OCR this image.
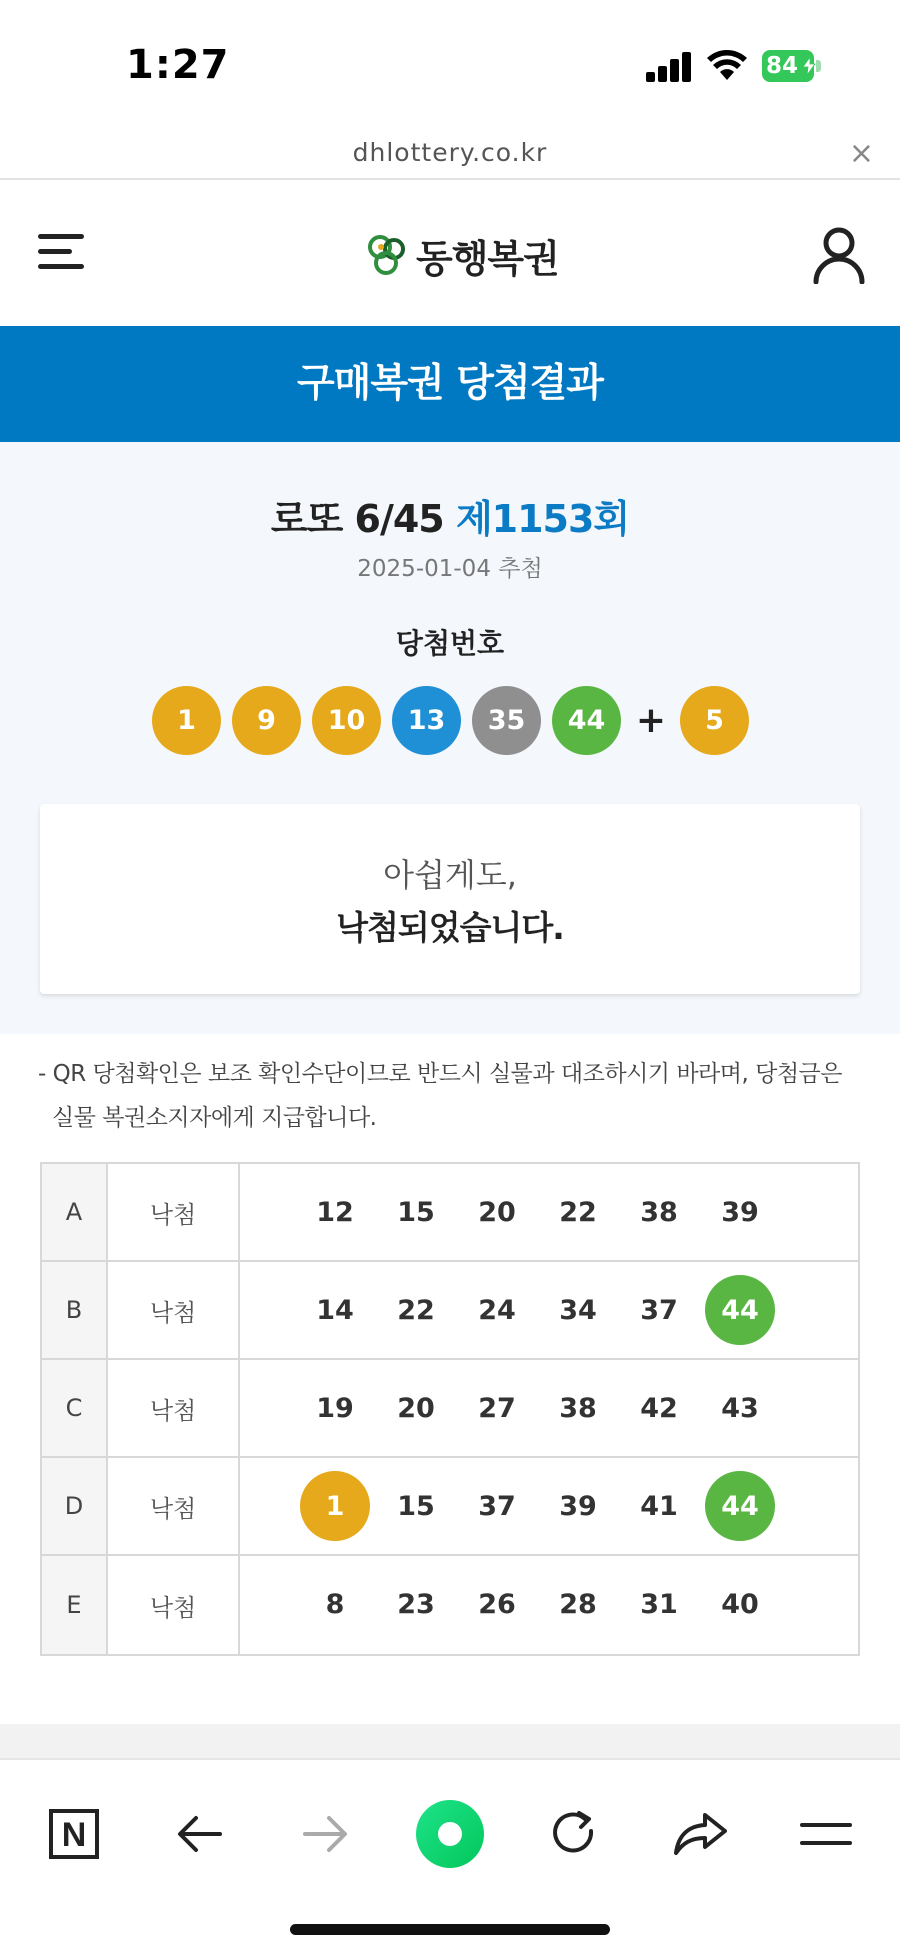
1:27	84
dhlottery.co.kr	×
동행복권
구매복권 당첨결과
로또 6/45 제1153회
2025-01-04 추첨
당첨번호
1	9	10	13	35	44 +	5
아쉽게도,
낙첨되었습니다.
- QR 당첨확인은 보조 확인수단이므로 반드시 실물과 대조하시기 바라며, 당첨금은 실물 복권소지자에게 지급합니다.
A	낙첨	12	15	20	22	38	39
B	낙첨	14	22	24	34	37	44
C	낙첨	19	20	27	38	42	43
D	낙첨	1	15	37	39	41	44
E	낙첨	8	23	26	28	31	40
N
